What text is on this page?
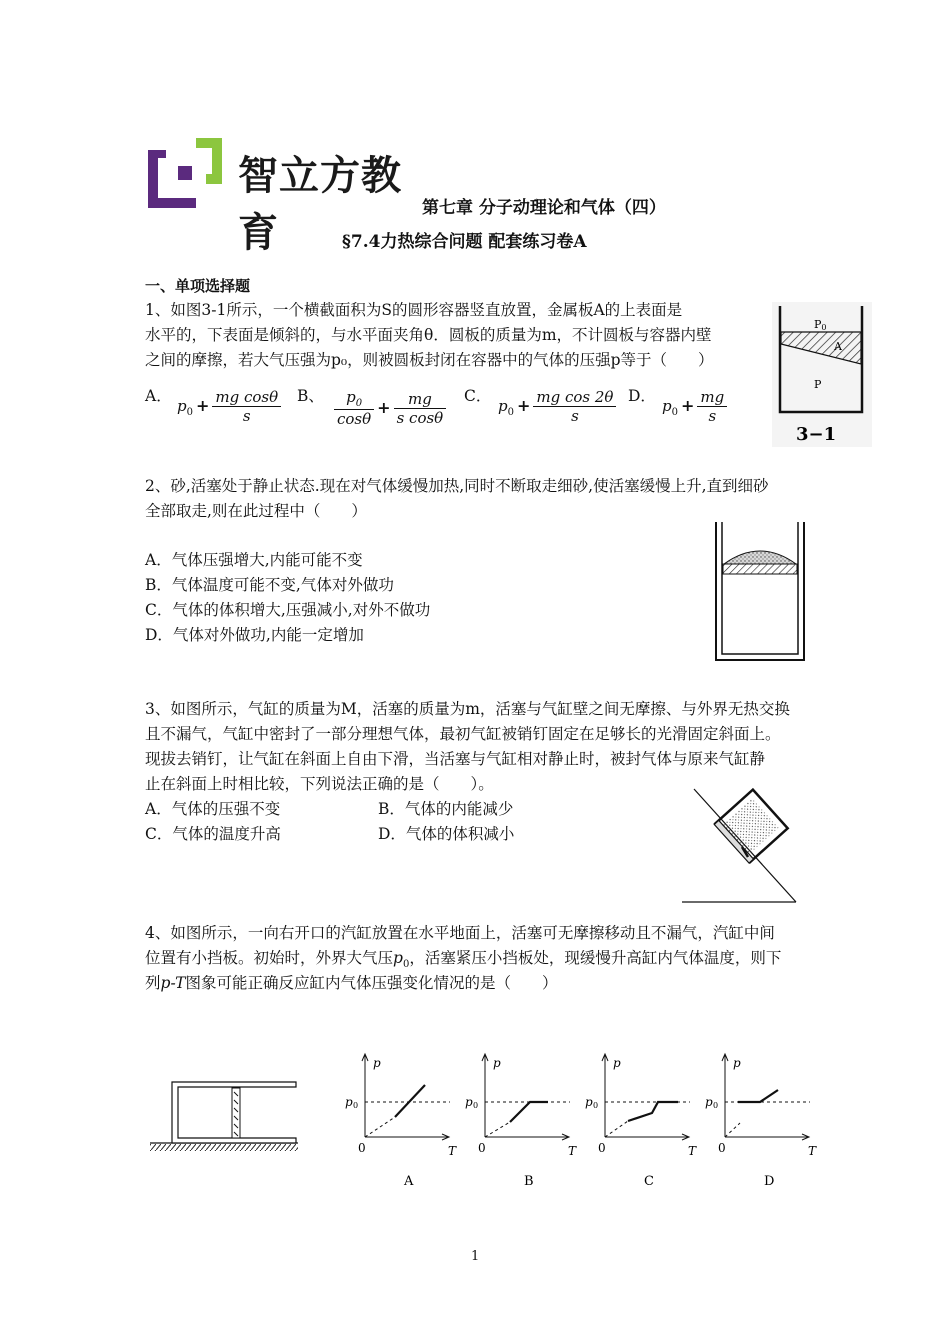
智立方教育
第七章 分子动理论和气体（四）
§7.4力热综合问题 配套练习卷A
一、单项选择题
1、如图3-1所示，一个横截面积为S的圆形容器竖直放置，金属板A的上表面是
水平的，下表面是倾斜的，与水平面夹角θ．圆板的质量为m，不计圆板与容器内壁
之间的摩擦，若大气压强为p₀，则被圆板封闭在容器中的气体的压强p等于（　　）
A．
$p_0 + \frac{\text{mg cosθ}}{s}$ B、 $\frac{p_0}{\cos\theta} + \frac{mg}{\text{s cosθ}}$ C．
$p_0 + \frac{\text{mg cos 2θ}}{s}$ D．
$p_0 + \frac{mg}{s}$
P0
A
P
3−1
2、砂,活塞处于静止状态.现在对气体缓慢加热,同时不断取走细砂,使活塞缓慢上升,直到细砂
全部取走,则在此过程中（　　）
A．气体压强增大,内能可能不变
B．气体温度可能不变,气体对外做功
C．气体的体积增大,压强减小,对外不做功
D．气体对外做功,内能一定增加
3、如图所示，气缸的质量为M，活塞的质量为m，活塞与气缸壁之间无摩擦、与外界无热交换
且不漏气，气缸中密封了一部分理想气体，最初气缸被销钉固定在足够长的光滑固定斜面上。
现拔去销钉，让气缸在斜面上自由下滑，当活塞与气缸相对静止时，被封气体与原来气缸静
止在斜面上时相比较，下列说法正确的是（　　）。
A．气体的压强不变	B．气体的内能减少
C．气体的温度升高	D．气体的体积减小
4、如图所示，一向右开口的汽缸放置在水平地面上，活塞可无摩擦移动且不漏气，汽缸中间
位置有小挡板。初始时，外界大气压$p_0$，活塞紧压小挡板处，现缓慢升高缸内气体温度，则下
列p-T图象可能正确反应缸内气体压强变化情况的是（　　）
p
T
0
p 0
A
p
T
0
p 0
B
p
T
0
p 0
C
p
T
0
p 0
D
1
